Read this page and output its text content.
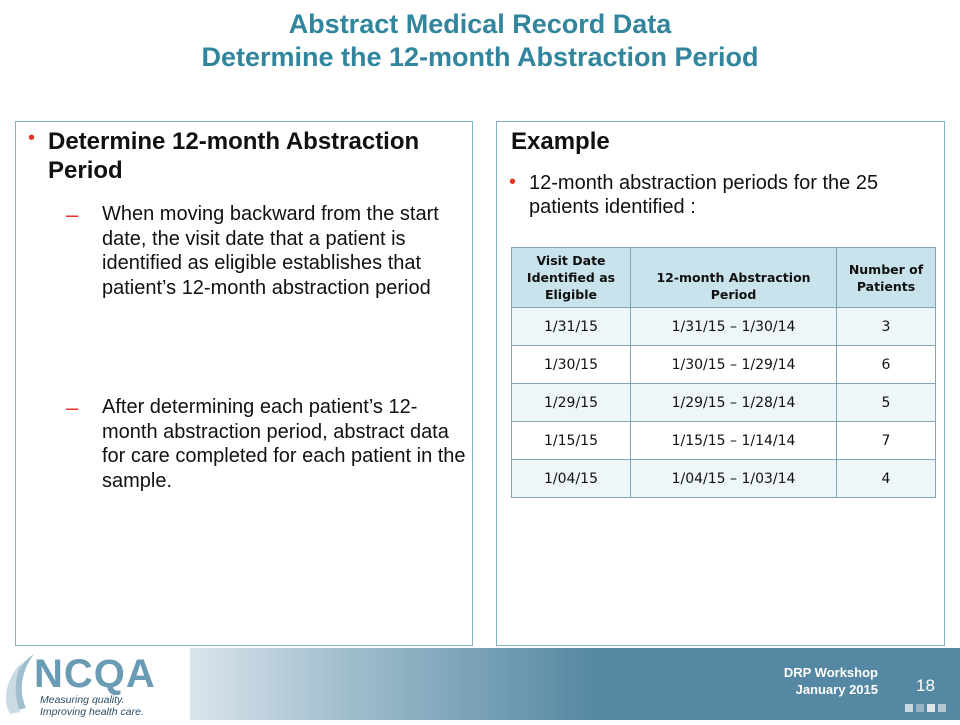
Abstract Medical Record Data
Determine the 12-month Abstraction Period
• Determine 12-month Abstraction Period
–	When moving backward from the start date, the visit date that a patient is identified as eligible establishes that patient’s 12-month abstraction period
–	After determining each patient’s 12-month abstraction period, abstract data for care completed for each patient in the sample.
Example
• 12-month abstraction periods for the 25 patients identified :
Visit Date Identified as Eligible	12-month Abstraction Period	Number of Patients
1/31/15	1/31/15 – 1/30/14	3
1/30/15	1/30/15 – 1/29/14	6
1/29/15	1/29/15 – 1/28/14	5
1/15/15	1/15/15 – 1/14/14	7
1/04/15	1/04/15 – 1/03/14	4
NCQA
Measuring quality.
Improving health care.
DRP Workshop
January 2015 18
